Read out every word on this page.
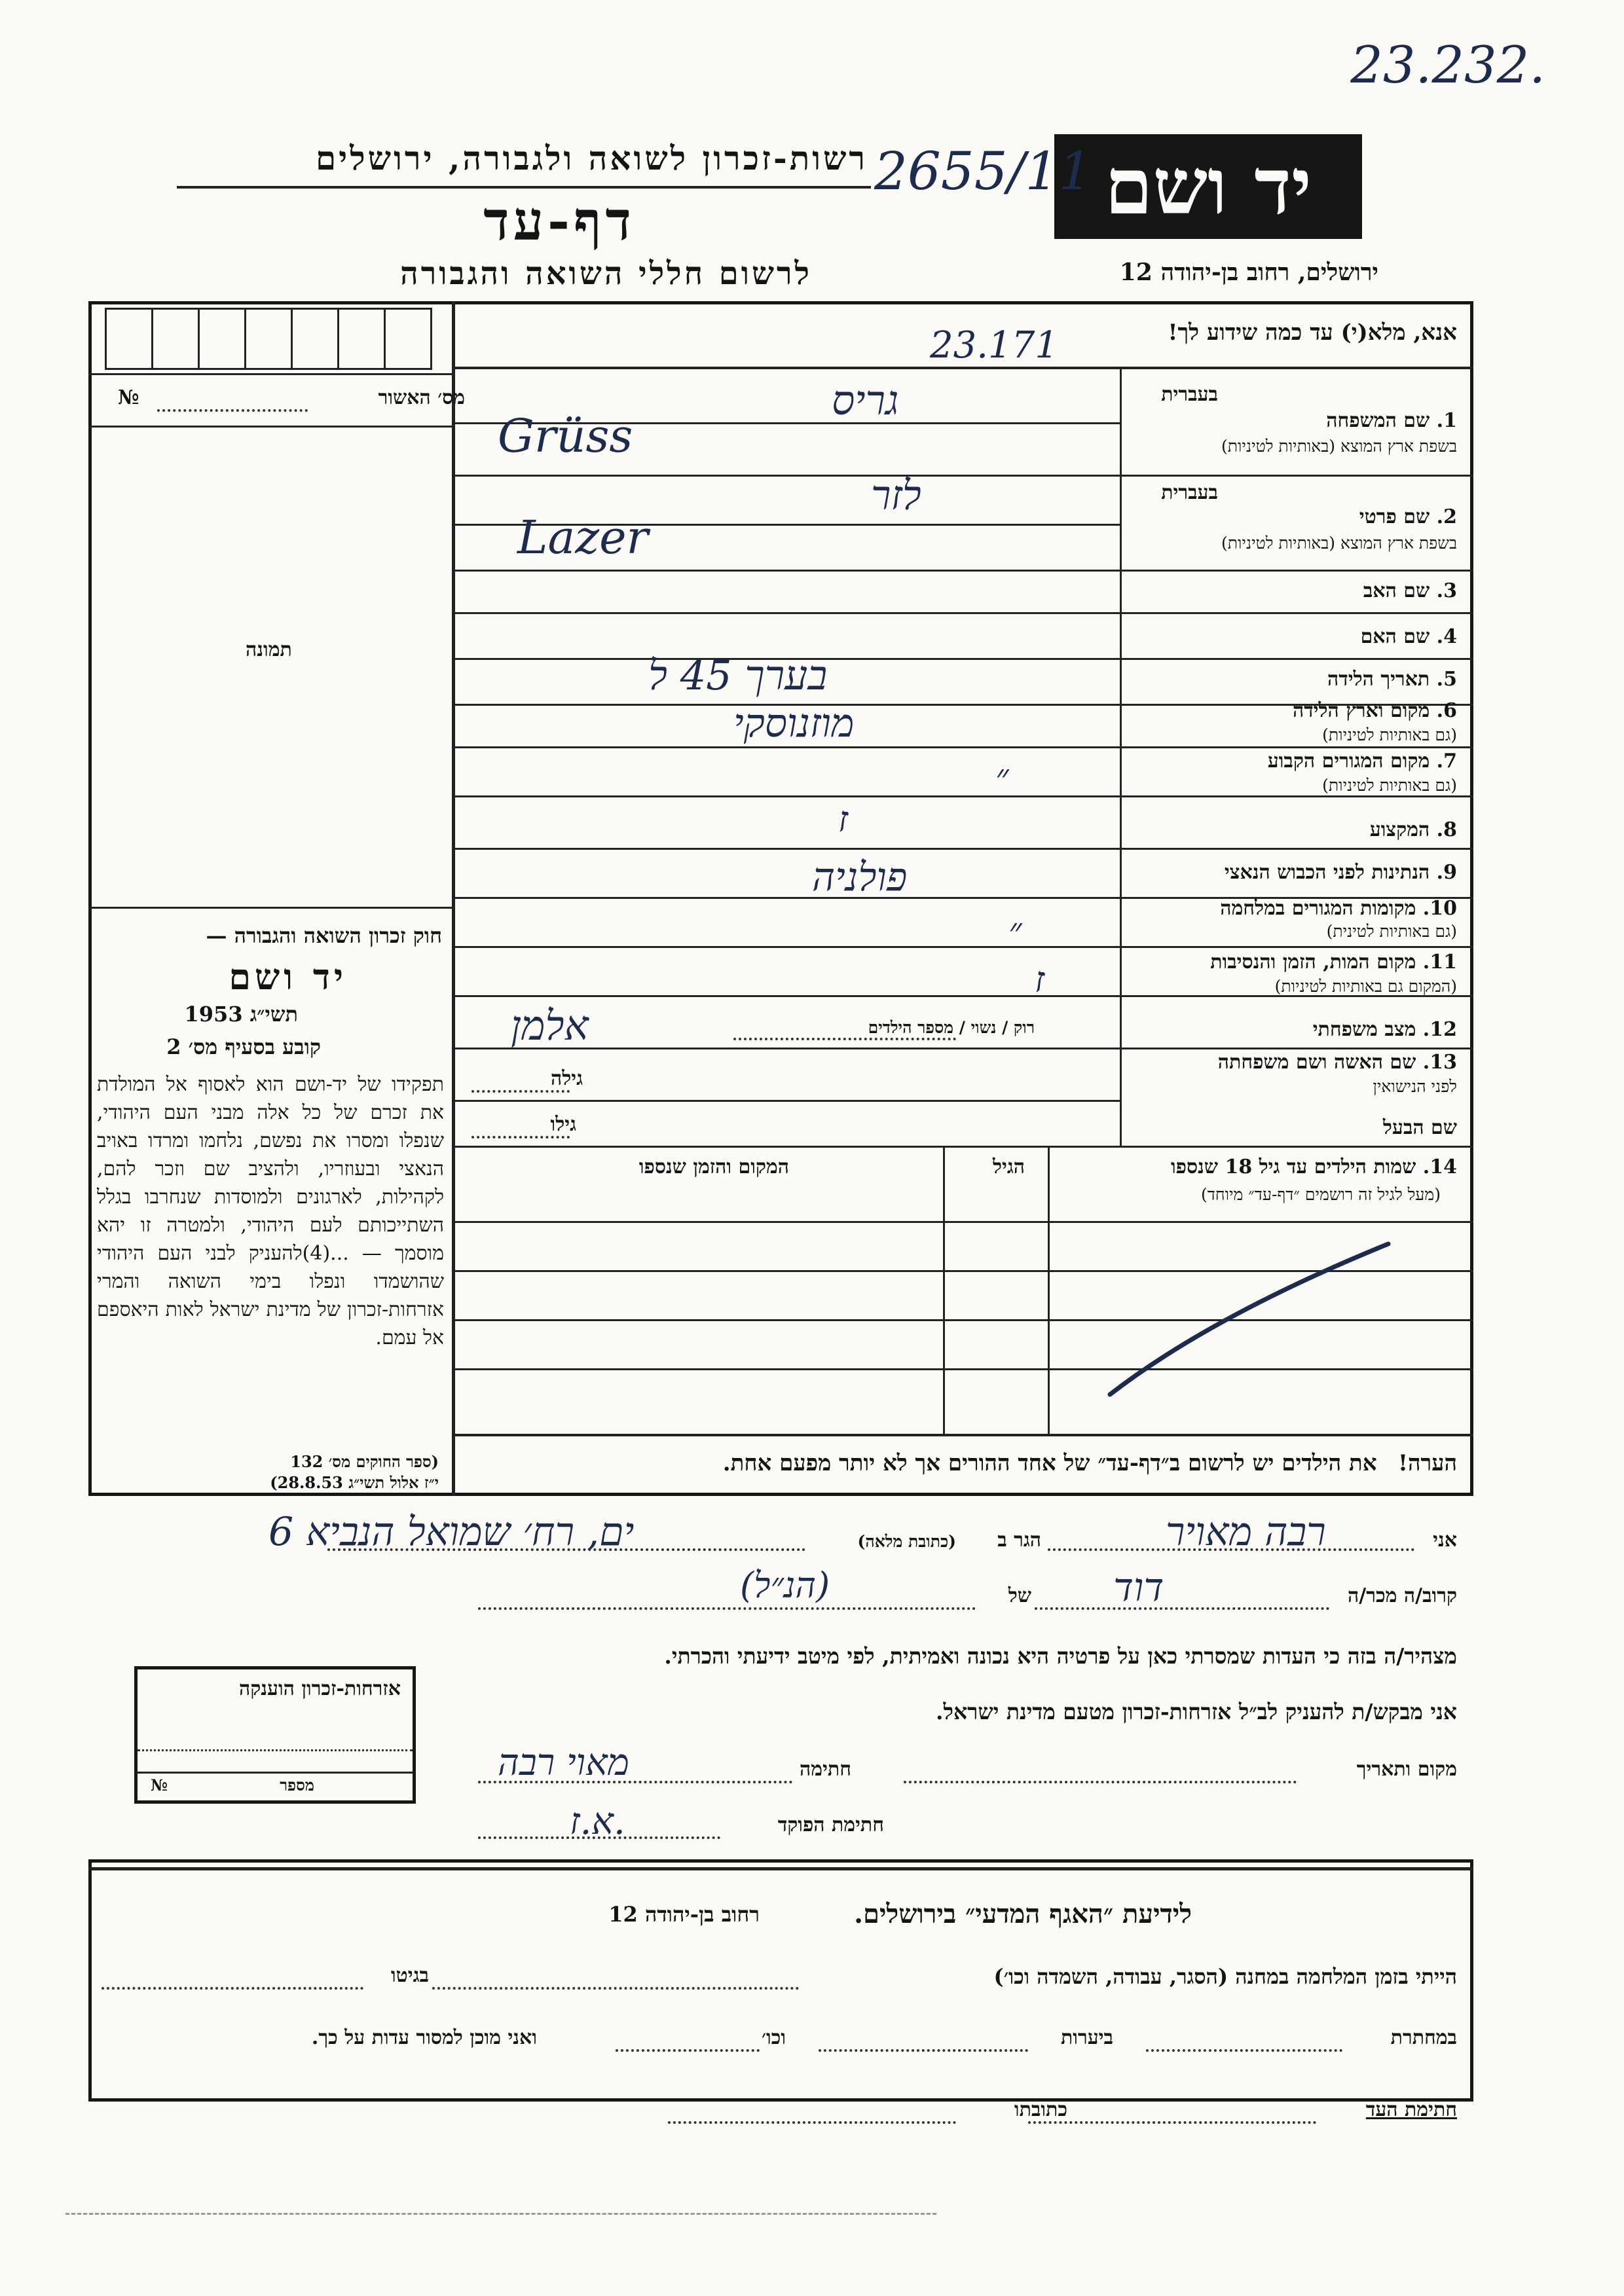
23.232.
יד ושם
2655/11
רשות-זכרון לשואה ולגבורה, ירושלים
דף-עד
לרשום חללי השואה והגבורה	ירושלים, רחוב בן-יהודה 12
מס׳ האשור
№
תמונה
חוק זכרון השואה והגבורה —
יד ושם
תשי״ג 1953
קובע בסעיף מס׳ 2
תפקידו של יד-ושם הוא לאסוף אל המולדת את זכרם של כל אלה מבני העם היהודי, שנפלו ומסרו את נפשם, נלחמו ומרדו באויב הנאצי ובעוזריו, ולהציב שם וזכר להם, לקהילות, לארגונים ולמוסדות שנחרבו בגלל השתייכותם לעם היהודי, ולמטרה זו יהא מוסמך — ...(4)להעניק לבני העם היהודי שהושמדו ונפלו בימי השואה והמרי אזרחות-זכרון של מדינת ישראל לאות היאספם אל עמם.
(ספר החוקים מס׳ 132
י״ז אלול תשי״ג 28.8.53)
אנא, מלא(י) עד כמה שידוע לך!
23.171
בעברית
1. שם המשפחה
בשפת ארץ המוצא (באותיות לטיניות)
בעברית
2. שם פרטי
בשפת ארץ המוצא (באותיות לטיניות)
3. שם האב
4. שם האם
5. תאריך הלידה
6. מקום וארץ הלידה
(גם באותיות לטיניות)
7. מקום המגורים הקבוע
(גם באותיות לטיניות)
8. המקצוע
9. הנתינות לפני הכבוש הנאצי
10. מקומות המגורים במלחמה
(גם באותיות לטינית)
11. מקום המות, הזמן והנסיבות
(המקום גם באותיות לטיניות)
12. מצב משפחתי
רוק / נשוי / מספר הילדים
13. שם האשה ושם משפחתה
לפני הנישואין
גילה
שם הבעל
גילו
14. שמות הילדים עד גיל 18 שנספו
(מעל לגיל זה רושמים ״דף-עד״ מיוחד)
הגיל
המקום והזמן שנספו
הערה!   את הילדים יש לרשום ב״דף-עד״ של אחד ההורים אך לא יותר מפעם אחת.
גריס
Grüss
לזר
Lazer
בערך 45 ל
מוזנוסקי
״
ז
פולניה
״
ז
אלמן
אני
רבה מאויר
הגר ב
(כתובת מלאה)
ים, רח׳ שמואל הנביא 6
קרוב/ה מכר/ה
דוד
של
(הנ״ל)
מצהיר/ה בזה כי העדות שמסרתי כאן על פרטיה היא נכונה ואמיתית, לפי מיטב ידיעתי והכרתי.
אני מבקש/ת להעניק לב״ל אזרחות-זכרון מטעם מדינת ישראל.
מקום ותאריך
חתימה
מאוי רבה
חתימת הפוקד
א.ז.
אזרחות-זכרון הוענקה
מספר
№
לידיעת ״האגף המדעי״ בירושלים.
רחוב בן-יהודה 12
הייתי בזמן המלחמה במחנה (הסגר, עבודה, השמדה וכו׳)
בגיטו
במחתרת
ביערות
וכו׳
ואני מוכן למסור עדות על כך.
חתימת העד
כתובתו
